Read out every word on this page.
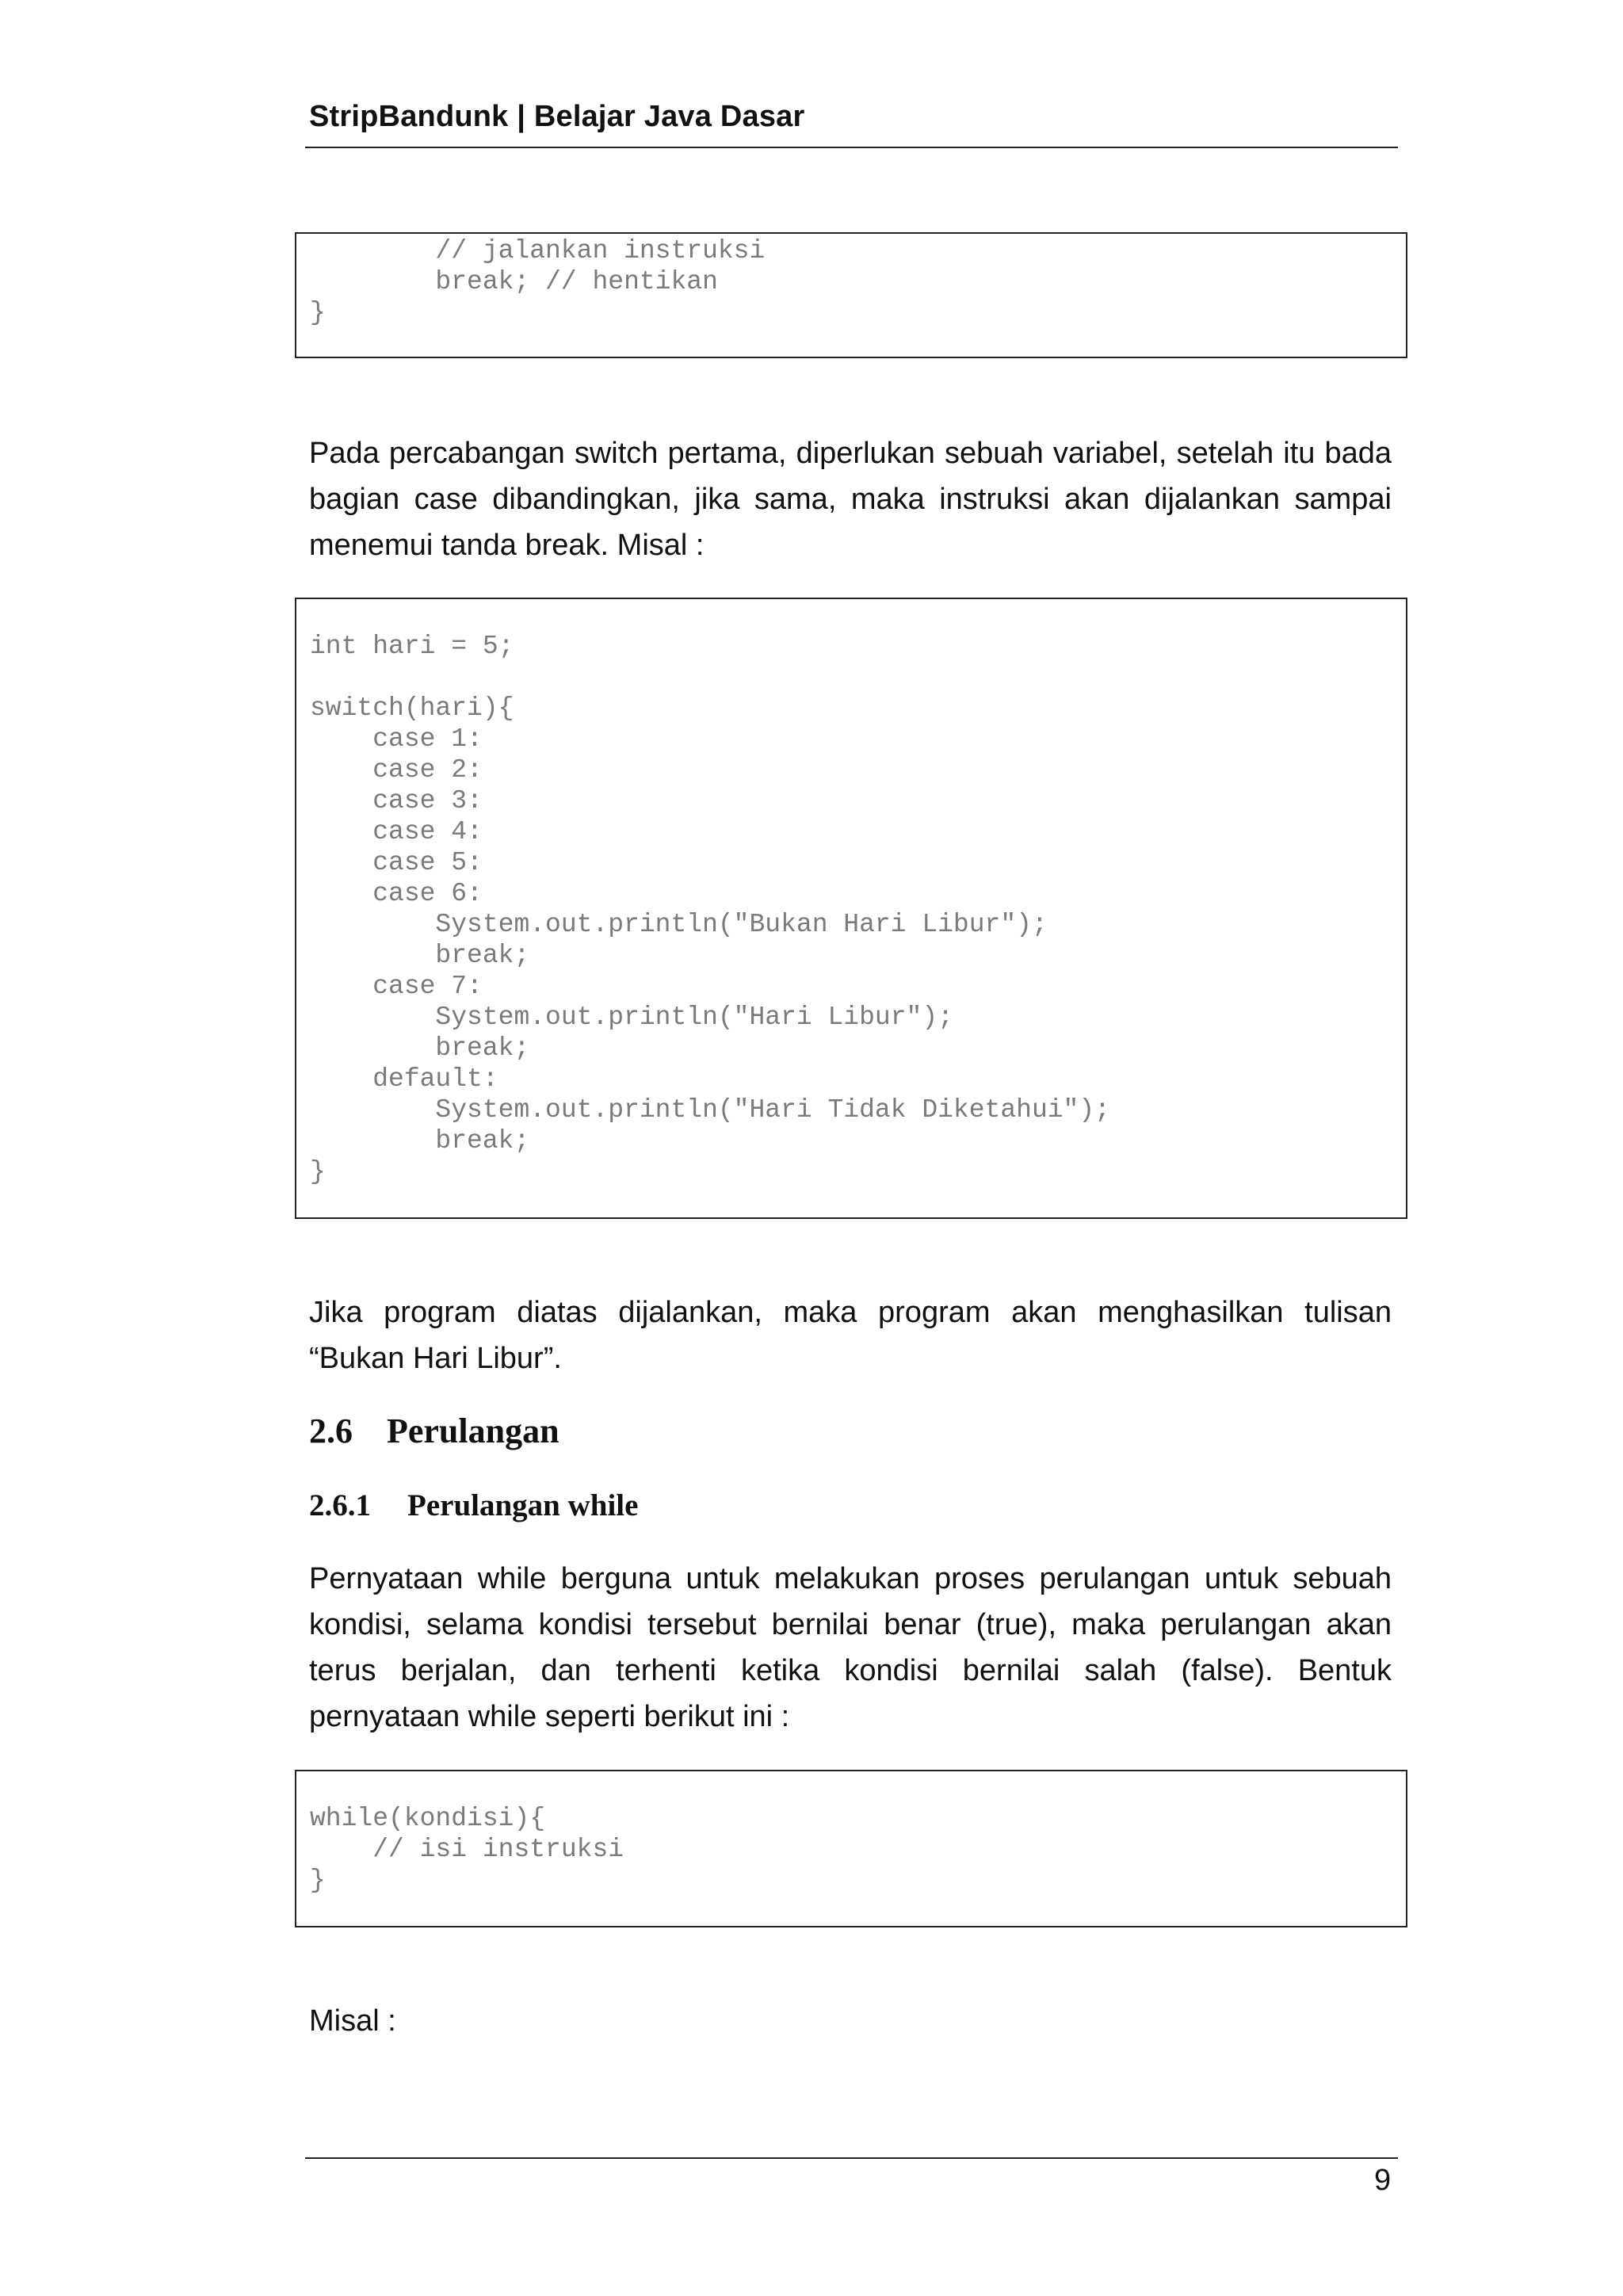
StripBandunk | Belajar Java Dasar
// jalankan instruksi
break; // hentikan
}

Pada percabangan switch pertama, diperlukan sebuah variabel, setelah itu bada bagian case dibandingkan, jika sama, maka instruksi akan dijalankan sampai menemui tanda break. Misal :

int hari = 5;

switch(hari){
case 1:
case 2:
case 3:
case 4:
case 5:
case 6:
System.out.println("Bukan Hari Libur");
break;
case 7:
System.out.println("Hari Libur");
break;
default:
System.out.println("Hari Tidak Diketahui");
break;
}

Jika program diatas dijalankan, maka program akan menghasilkan tulisan “Bukan Hari Libur”.

2.6 Perulangan
2.6.1 Perulangan while

Pernyataan while berguna untuk melakukan proses perulangan untuk sebuah kondisi, selama kondisi tersebut bernilai benar (true), maka perulangan akan terus berjalan, dan terhenti ketika kondisi bernilai salah (false). Bentuk pernyataan while seperti berikut ini :

while(kondisi){
// isi instruksi
}

Misal :

9
